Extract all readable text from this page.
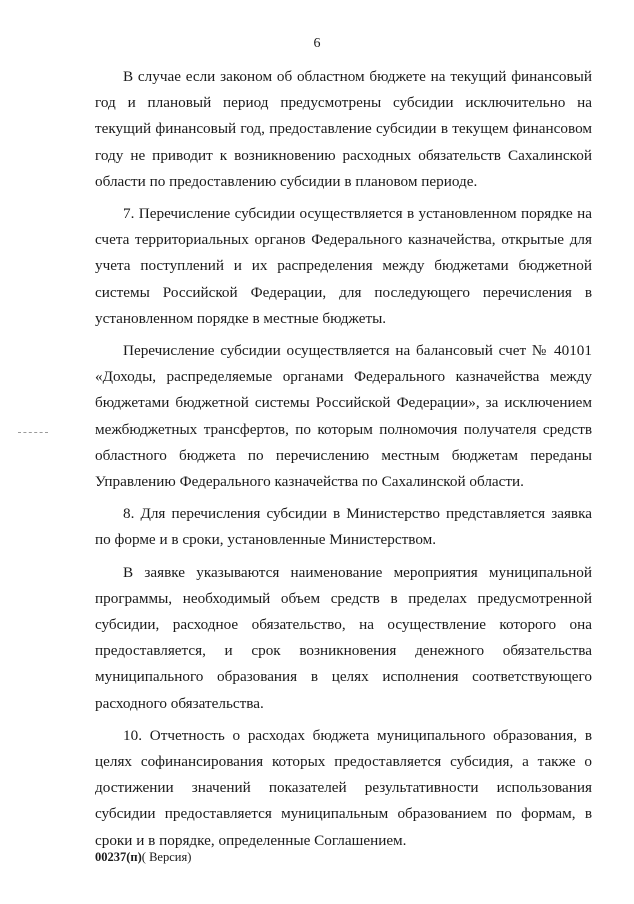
6

В случае если законом об областном бюджете на текущий финансовый год и плановый период предусмотрены субсидии исключительно на текущий финансовый год, предоставление субсидии в текущем финансовом году не приводит к возникновению расходных обязательств Сахалинской области по предоставлению субсидии в плановом периоде.

7. Перечисление субсидии осуществляется в установленном порядке на счета территориальных органов Федерального казначейства, открытые для учета поступлений и их распределения между бюджетами бюджетной системы Российской Федерации, для последующего перечисления в установленном порядке в местные бюджеты.

Перечисление субсидии осуществляется на балансовый счет № 40101 «Доходы, распределяемые органами Федерального казначейства между бюджетами бюджетной системы Российской Федерации», за исключением межбюджетных трансфертов, по которым полномочия получателя средств областного бюджета по перечислению местным бюджетам переданы Управлению Федерального казначейства по Сахалинской области.

8. Для перечисления субсидии в Министерство представляется заявка по форме и в сроки, установленные Министерством.

В заявке указываются наименование мероприятия муниципальной программы, необходимый объем средств в пределах предусмотренной субсидии, расходное обязательство, на осуществление которого она предоставляется, и срок возникновения денежного обязательства муниципального образования в целях исполнения соответствующего расходного обязательства.

10. Отчетность о расходах бюджета муниципального образования, в целях софинансирования которых предоставляется субсидия, а также о достижении значений показателей результативности использования субсидии предоставляется муниципальным образованием по формам, в сроки и в порядке, определенные Соглашением.

00237(п)( Версия)
